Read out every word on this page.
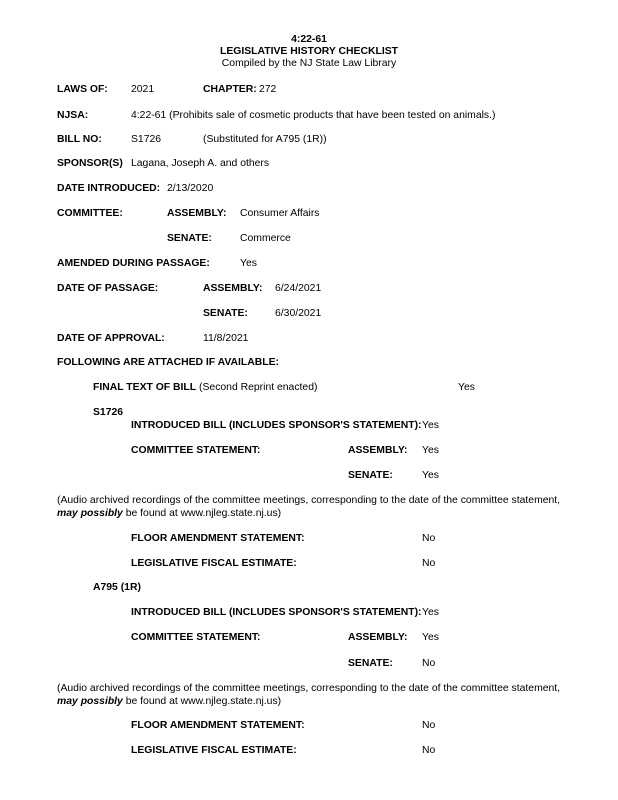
4:22-61
LEGISLATIVE HISTORY CHECKLIST
Compiled by the NJ State Law Library
LAWS OF: 2021	CHAPTER: 272
NJSA:	4:22-61 (Prohibits sale of cosmetic products that have been tested on animals.)
BILL NO:	S1726	(Substituted for A795 (1R))
SPONSOR(S) Lagana, Joseph A. and others
DATE INTRODUCED: 2/13/2020
COMMITTEE:	ASSEMBLY: Consumer Affairs
SENATE:	Commerce
AMENDED DURING PASSAGE:	Yes
DATE OF PASSAGE:	ASSEMBLY: 6/24/2021
SENATE:	6/30/2021
DATE OF APPROVAL:	11/8/2021
FOLLOWING ARE ATTACHED IF AVAILABLE:
FINAL TEXT OF BILL (Second Reprint enacted)	Yes
S1726
INTRODUCED BILL (INCLUDES SPONSOR'S STATEMENT): Yes
COMMITTEE STATEMENT:	ASSEMBLY: Yes
SENATE:	Yes
(Audio archived recordings of the committee meetings, corresponding to the date of the committee statement, may possibly be found at www.njleg.state.nj.us)
FLOOR AMENDMENT STATEMENT:	No
LEGISLATIVE FISCAL ESTIMATE:	No
A795 (1R)
INTRODUCED BILL (INCLUDES SPONSOR'S STATEMENT): Yes
COMMITTEE STATEMENT:	ASSEMBLY: Yes
SENATE:	No
(Audio archived recordings of the committee meetings, corresponding to the date of the committee statement, may possibly be found at www.njleg.state.nj.us)
FLOOR AMENDMENT STATEMENT:	No
LEGISLATIVE FISCAL ESTIMATE:	No
